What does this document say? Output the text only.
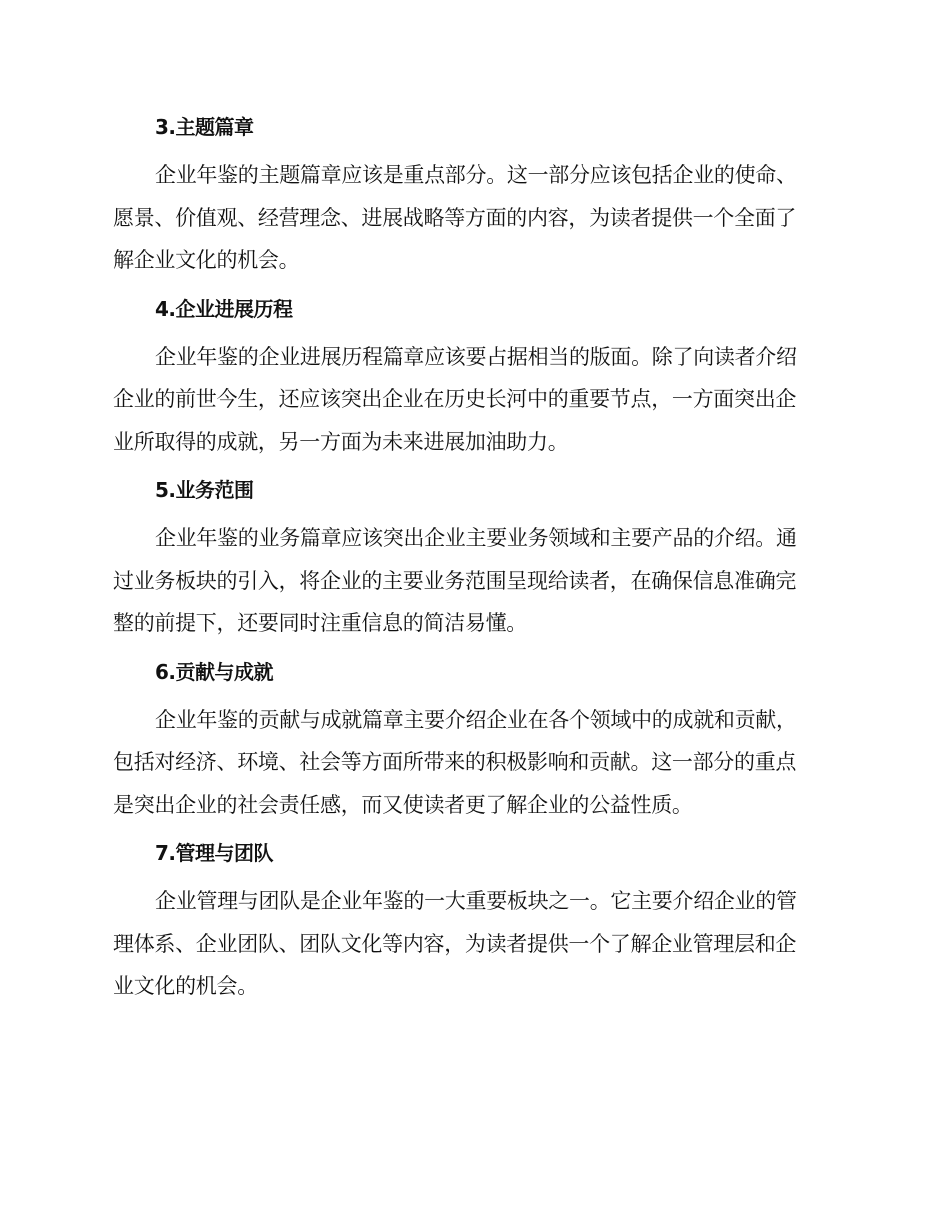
3.主题篇章
企业年鉴的主题篇章应该是重点部分。这一部分应该包括企业的使命、
愿景、价值观、经营理念、进展战略等方面的内容，为读者提供一个全面了
解企业文化的机会。
4.企业进展历程
企业年鉴的企业进展历程篇章应该要占据相当的版面。除了向读者介绍
企业的前世今生，还应该突出企业在历史长河中的重要节点，一方面突出企
业所取得的成就，另一方面为未来进展加油助力。
5.业务范围
企业年鉴的业务篇章应该突出企业主要业务领域和主要产品的介绍。通
过业务板块的引入，将企业的主要业务范围呈现给读者，在确保信息准确完
整的前提下，还要同时注重信息的简洁易懂。
6.贡献与成就
企业年鉴的贡献与成就篇章主要介绍企业在各个领域中的成就和贡献，
包括对经济、环境、社会等方面所带来的积极影响和贡献。这一部分的重点
是突出企业的社会责任感，而又使读者更了解企业的公益性质。
7.管理与团队
企业管理与团队是企业年鉴的一大重要板块之一。它主要介绍企业的管
理体系、企业团队、团队文化等内容，为读者提供一个了解企业管理层和企
业文化的机会。
